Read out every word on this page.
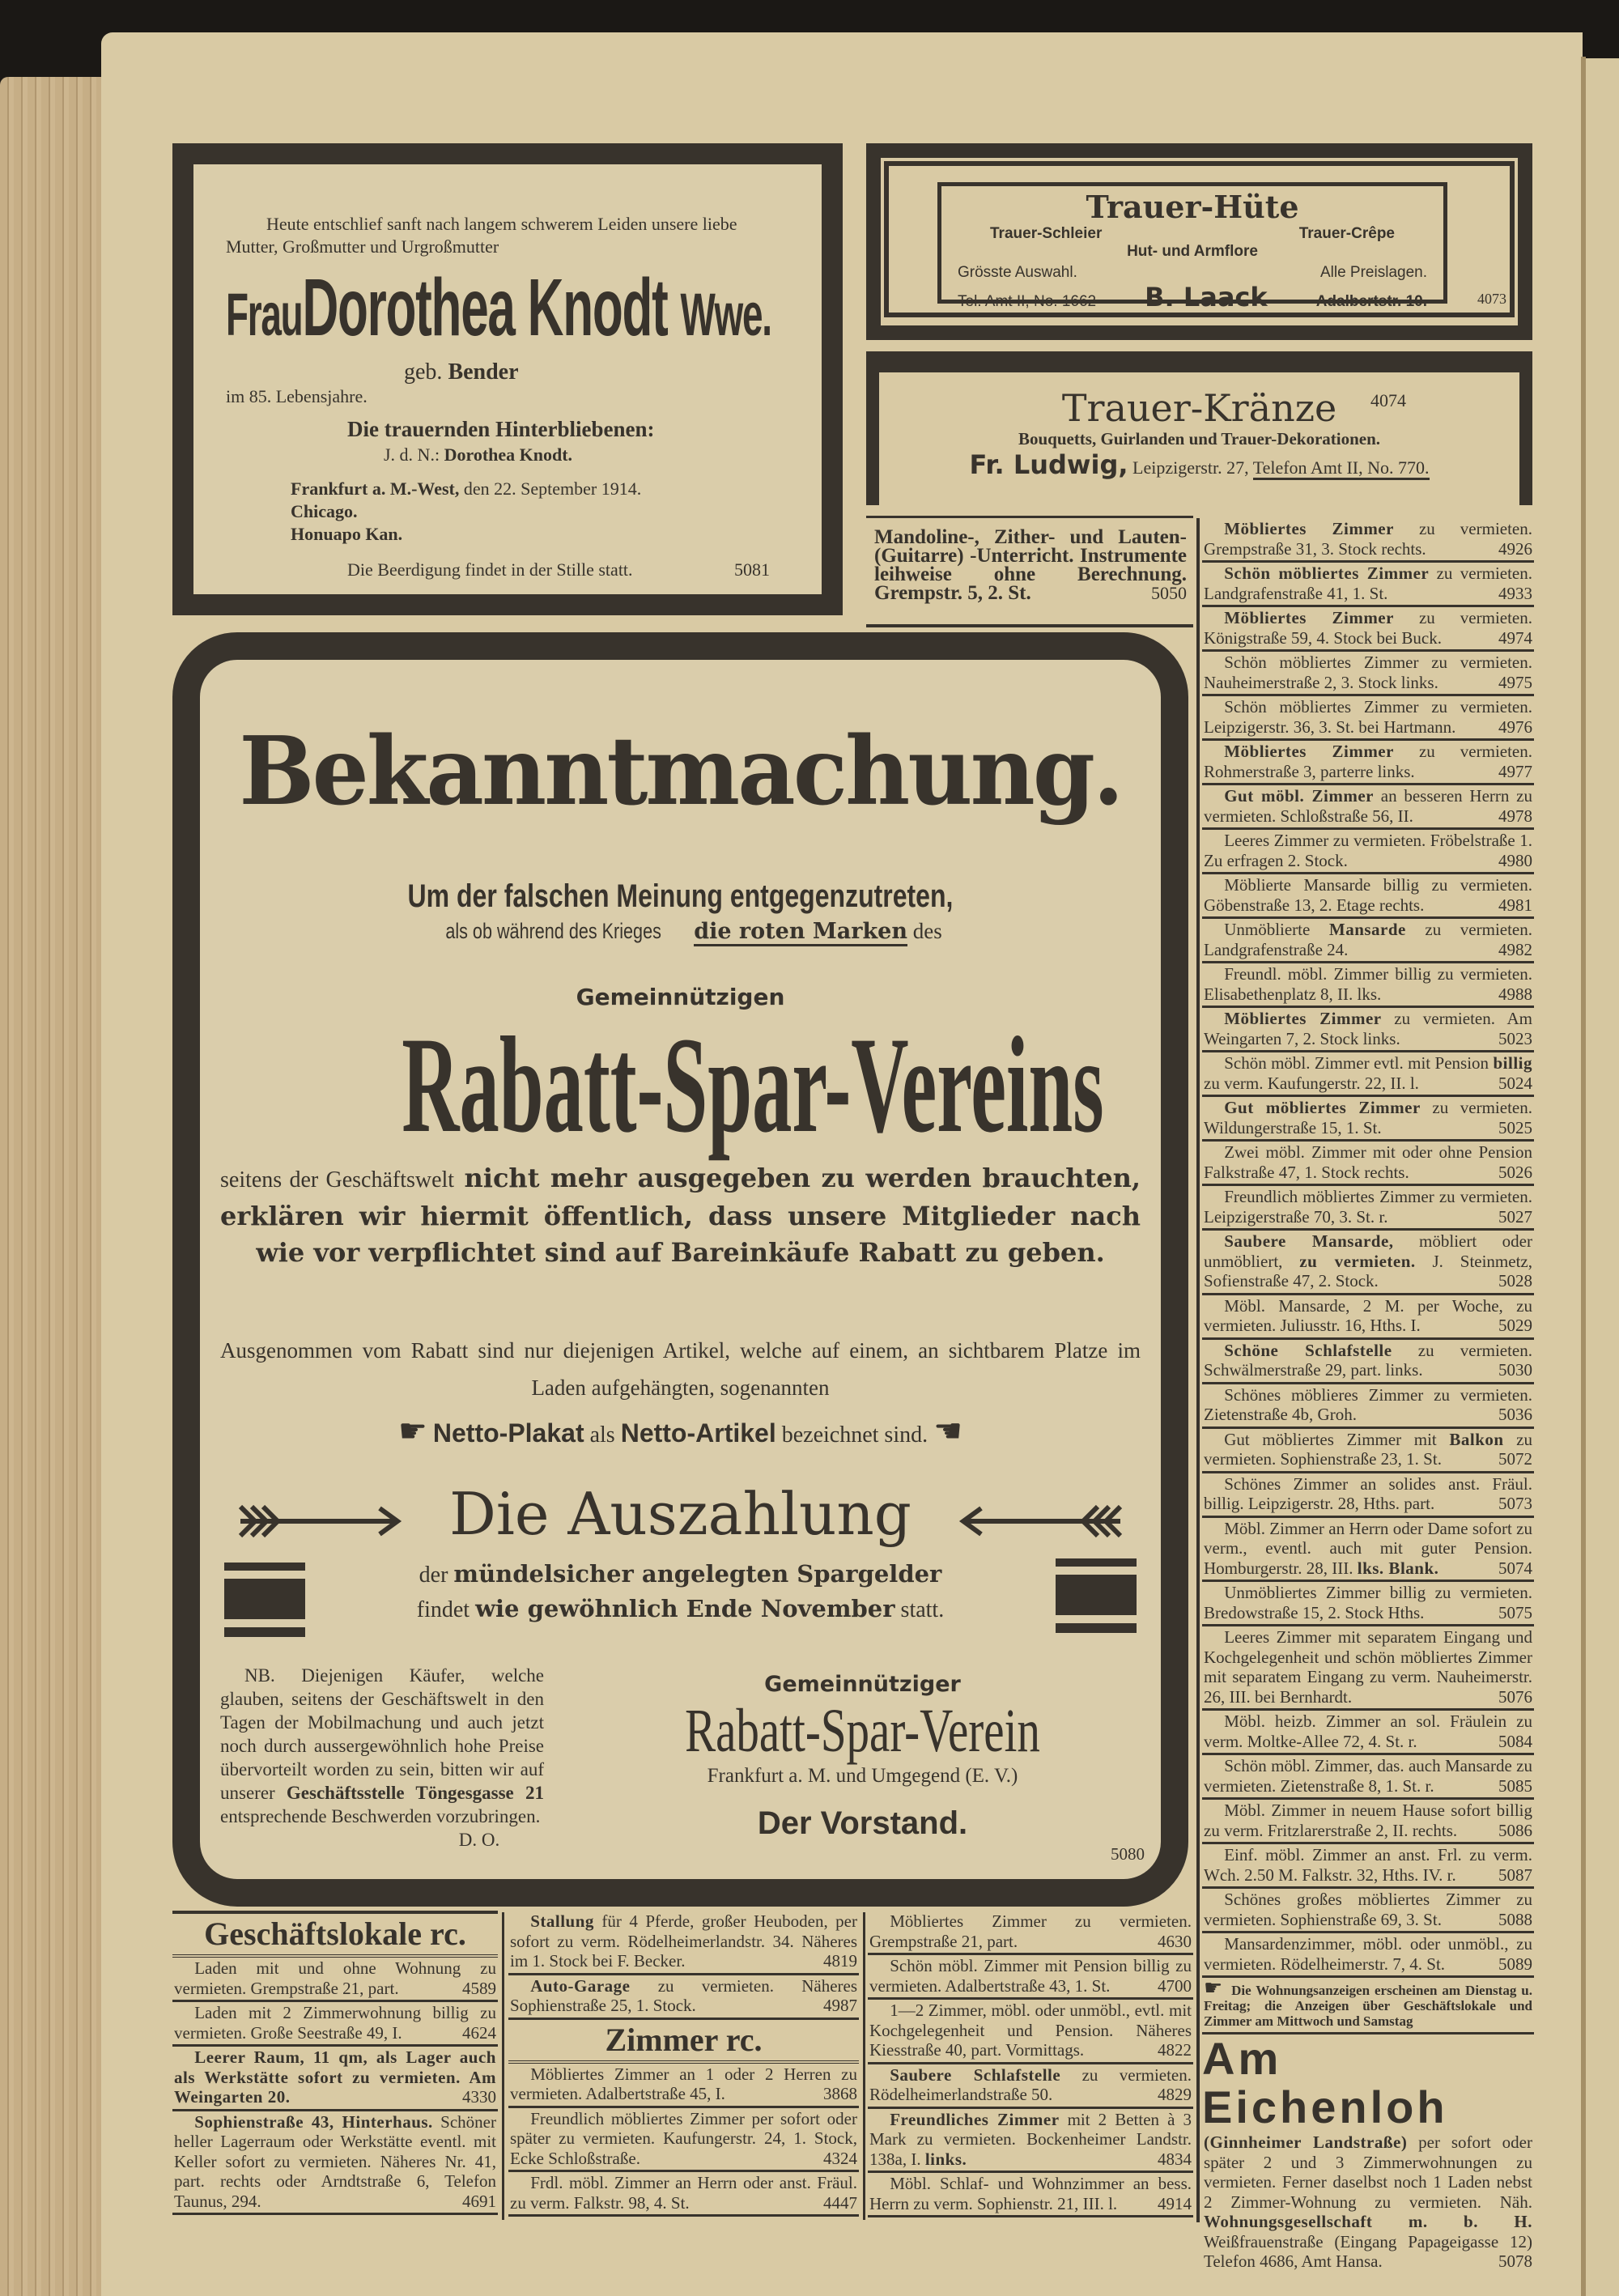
Heute entschlief sanft nach langem schwerem Leiden unsere liebe Mutter, Großmutter und Urgroßmutter

FrauDorothea Knodt Wwe.

geb. Bender

im 85. Lebensjahre.

Die trauernden Hinterbliebenen:

J. d. N.: Dorothea Knodt.

Frankfurt a. M.-West, den 22. September 1914.

Chicago.

Honuapo Kan.

Die Beerdigung findet in der Stille statt.	5081

Trauer-Hüte
Trauer-Schleier	Trauer-Crêpe
Hut- und Armflore
Grösste Auswahl.	Alle Preislagen.
Tel. Amt II, No. 1662 B. Laack	Adalbertstr. 10.	4073
Trauer-Kränze	4074
Bouquetts, Guirlanden und Trauer-Dekorationen.
Fr. Ludwig, Leipzigerstr. 27, Telefon Amt II, No. 770.
Mandoline-, Zither- und Lauten- (Guitarre) -Unterricht. Instrumente leihweise ohne Berechnung. Grempstr. 5, 2. St.	5050
Möbliertes Zimmer zu vermieten. Grempstraße 31, 3. Stock rechts.	4926
Schön möbliertes Zimmer zu vermieten. Landgrafenstraße 41, 1. St.	4933
Möbliertes Zimmer zu vermieten. Königstraße 59, 4. Stock bei Buck.	4974
Schön möbliertes Zimmer zu vermieten. Nauheimerstraße 2, 3. Stock links.	4975
Schön möbliertes Zimmer zu vermieten. Leipzigerstr. 36, 3. St. bei Hartmann.	4976
Möbliertes Zimmer zu vermieten. Rohmerstraße 3, parterre links.	4977
Gut möbl. Zimmer an besseren Herrn zu vermieten. Schloßstraße 56, II.	4978
Leeres Zimmer zu vermieten. Fröbelstraße 1. Zu erfragen 2. Stock.	4980
Möblierte Mansarde billig zu vermieten. Göbenstraße 13, 2. Etage rechts.	4981
Unmöblierte Mansarde zu vermieten. Landgrafenstraße 24.	4982
Freundl. möbl. Zimmer billig zu vermieten. Elisabethenplatz 8, II. lks.	4988
Möbliertes Zimmer zu vermieten. Am Weingarten 7, 2. Stock links.	5023
Schön möbl. Zimmer evtl. mit Pension billig zu verm. Kaufungerstr. 22, II. l.	5024
Gut möbliertes Zimmer zu vermieten. Wildungerstraße 15, 1. St.	5025
Zwei möbl. Zimmer mit oder ohne Pension Falkstraße 47, 1. Stock rechts.	5026
Freundlich möbliertes Zimmer zu vermieten. Leipzigerstraße 70, 3. St. r.	5027
Saubere Mansarde, möbliert oder unmöbliert, zu vermieten. J. Steinmetz, Sofienstraße 47, 2. Stock.	5028
Möbl. Mansarde, 2 M. per Woche, zu vermieten. Juliusstr. 16, Hths. I.	5029
Schöne Schlafstelle zu vermieten. Schwälmerstraße 29, part. links.	5030
Schönes möblieres Zimmer zu vermieten. Zietenstraße 4b, Groh.	5036
Gut möbliertes Zimmer mit Balkon zu vermieten. Sophienstraße 23, 1. St.	5072
Schönes Zimmer an solides anst. Fräul. billig. Leipzigerstr. 28, Hths. part.	5073
Möbl. Zimmer an Herrn oder Dame sofort zu verm., eventl. auch mit guter Pension. Homburgerstr. 28, III. lks. Blank.	5074
Unmöbliertes Zimmer billig zu vermieten. Bredowstraße 15, 2. Stock Hths.	5075
Leeres Zimmer mit separatem Eingang und Kochgelegenheit und schön möbliertes Zimmer mit separatem Eingang zu verm. Nauheimerstr. 26, III. bei Bernhardt.	5076
Möbl. heizb. Zimmer an sol. Fräulein zu verm. Moltke-Allee 72, 4. St. r.	5084
Schön möbl. Zimmer, das. auch Mansarde zu vermieten. Zietenstraße 8, 1. St. r.	5085
Möbl. Zimmer in neuem Hause sofort billig zu verm. Fritzlarerstraße 2, II. rechts.	5086
Einf. möbl. Zimmer an anst. Frl. zu verm. Wch. 2.50 M. Falkstr. 32, Hths. IV. r.	5087
Schönes großes möbliertes Zimmer zu vermieten. Sophienstraße 69, 3. St.	5088
Mansardenzimmer, möbl. oder unmöbl., zu vermieten. Rödelheimerstr. 7, 4. St.	5089
☛ Die Wohnungsanzeigen erscheinen am Dienstag u. Freitag; die Anzeigen über Geschäftslokale und Zimmer am Mittwoch und Samstag
Am Eichenloh
(Ginnheimer Landstraße) per sofort oder später 2 und 3 Zimmerwohnungen zu vermieten. Ferner daselbst noch 1 Laden nebst 2 Zimmer-Wohnung zu vermieten. Näh. Wohnungsgesellschaft m. b. H. Weißfrauenstraße (Eingang Papageigasse 12) Telefon 4686, Amt Hansa.	5078
Bekanntmachung.
Um der falschen Meinung entgegenzutreten,
als ob während des Krieges die roten Marken des
Gemeinnützigen
Rabatt-Spar-Vereins
seitens der Geschäftswelt nicht mehr ausgegeben zu werden brauchten, erklären wir hiermit öffentlich, dass unsere Mitglieder nach wie vor verpflichtet sind auf Bareinkäufe Rabatt zu geben.
Ausgenommen vom Rabatt sind nur diejenigen Artikel, welche auf einem, an sichtbarem Platze im Laden aufgehängten, sogenannten
☛ Netto-Plakat als Netto-Artikel bezeichnet sind. ☚
Die Auszahlung
der mündelsicher angelegten Spargelder
findet wie gewöhnlich Ende November statt.
NB. Diejenigen Käufer, welche glauben, seitens der Geschäftswelt in den Tagen der Mobilmachung und auch jetzt noch durch aussergewöhnlich hohe Preise übervorteilt worden zu sein, bitten wir auf unserer Geschäftsstelle Töngesgasse 21 entsprechende Beschwerden vorzubringen.
D. O.
Gemeinnütziger
Rabatt-Spar-Verein
Frankfurt a. M. und Umgegend (E. V.)
Der Vorstand.
5080
Geschäftslokale rc.
Laden mit und ohne Wohnung zu vermieten. Grempstraße 21, part.	4589
Laden mit 2 Zimmerwohnung billig zu vermieten. Große Seestraße 49, I.	4624
Leerer Raum, 11 qm, als Lager auch als Werkstätte sofort zu vermieten. Am Weingarten 20.	4330
Sophienstraße 43, Hinterhaus. Schöner heller Lagerraum oder Werkstätte eventl. mit Keller sofort zu vermieten. Näheres Nr. 41, part. rechts oder Arndtstraße 6, Telefon Taunus, 294.	4691
Stallung für 4 Pferde, großer Heuboden, per sofort zu verm. Rödelheimerlandstr. 34. Näheres im 1. Stock bei F. Becker.	4819
Auto-Garage zu vermieten. Näheres Sophienstraße 25, 1. Stock.	4987
Zimmer rc.
Möbliertes Zimmer an 1 oder 2 Herren zu vermieten. Adalbertstraße 45, I.	3868
Freundlich möbliertes Zimmer per sofort oder später zu vermieten. Kaufungerstr. 24, 1. Stock, Ecke Schloßstraße.	4324
Frdl. möbl. Zimmer an Herrn oder anst. Fräul. zu verm. Falkstr. 98, 4. St.	4447
Möbliertes Zimmer zu vermieten. Grempstraße 21, part.	4630
Schön möbl. Zimmer mit Pension billig zu vermieten. Adalbertstraße 43, 1. St.	4700
1—2 Zimmer, möbl. oder unmöbl., evtl. mit Kochgelegenheit und Pension. Näheres Kiesstraße 40, part. Vormittags.	4822
Saubere Schlafstelle zu vermieten. Rödelheimerlandstraße 50.	4829
Freundliches Zimmer mit 2 Betten à 3 Mark zu vermieten. Bockenheimer Landstr. 138a, I. links.	4834
Möbl. Schlaf- und Wohnzimmer an bess. Herrn zu verm. Sophienstr. 21, III. l.	4914
